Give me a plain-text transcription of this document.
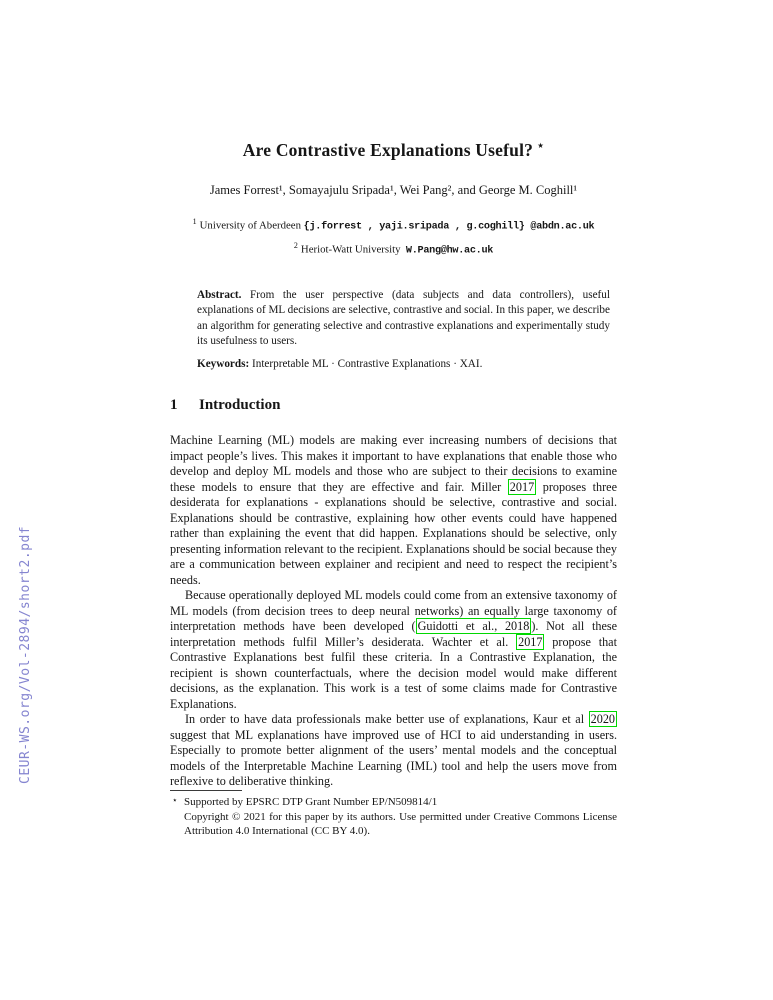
CEUR-WS.org/Vol-2894/short2.pdf
Are Contrastive Explanations Useful? ⋆
James Forrest¹, Somayajulu Sripada¹, Wei Pang², and George M. Coghill¹
$^1$ University of Aberdeen {j.forrest , yaji.sripada , g.coghill} @abdn.ac.uk
$^2$ Heriot-Watt University  W.Pang@hw.ac.uk
Abstract. From the user perspective (data subjects and data controllers), useful explanations of ML decisions are selective, contrastive and social. In this paper, we describe an algorithm for generating selective and contrastive explanations and experimentally study its usefulness to users.
Keywords: Interpretable ML · Contrastive Explanations · XAI.
1 Introduction

Machine Learning (ML) models are making ever increasing numbers of decisions that impact people’s lives. This makes it important to have explanations that enable those who develop and deploy ML models and those who are subject to their decisions to examine these models to ensure that they are effective and fair. Miller 2017 proposes three desiderata for explanations - explanations should be selective, contrastive and social. Explanations should be contrastive, explaining how other events could have happened rather than explaining the event that did happen. Explanations should be selective, only presenting information relevant to the recipient. Explanations should be social because they are a communication between explainer and recipient and need to respect the recipient’s needs.

Because operationally deployed ML models could come from an extensive taxonomy of ML models (from decision trees to deep neural networks) an equally large taxonomy of interpretation methods have been developed ( Guidotti et al., 2018 ). Not all these interpretation methods fulfil Miller’s desiderata. Wachter et al. 2017 propose that Contrastive Explanations best fulfil these criteria. In a Contrastive Explanation, the recipient is shown counterfactuals, where the decision model would make different decisions, as the explanation. This work is a test of some claims made for Contrastive Explanations.

In order to have data professionals make better use of explanations, Kaur et al 2020 suggest that ML explanations have improved use of HCI to aid understanding in users. Especially to promote better alignment of the users’ mental models and the conceptual models of the Interpretable Machine Learning (IML) tool and help the users move from reflexive to deliberative thinking.

⋆ Supported by EPSRC DTP Grant Number EP/N509814/1

Copyright © 2021 for this paper by its authors. Use permitted under Creative Commons License Attribution 4.0 International (CC BY 4.0).
